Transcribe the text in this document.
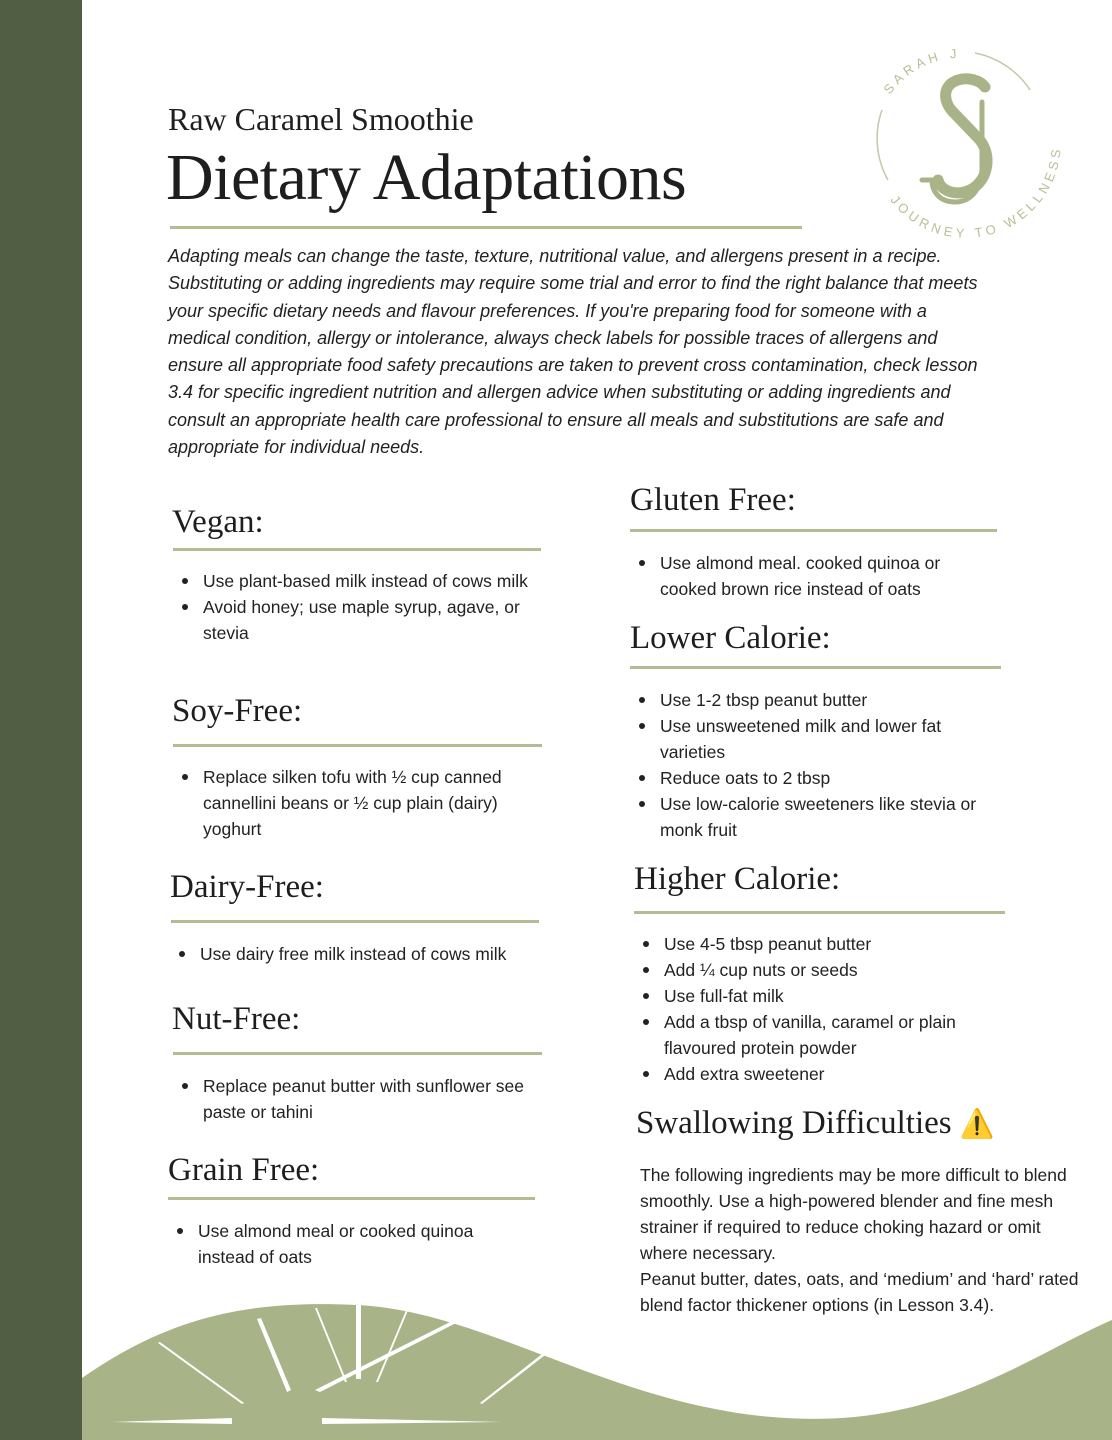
Raw Caramel Smoothie
Dietary Adaptations
SARAH J
JOURNEY TO WELLNESS
Adapting meals can change the taste, texture, nutritional value, and allergens present in a recipe. Substituting or adding ingredients may require some trial and error to find the right balance that meets your specific dietary needs and flavour preferences. If you're preparing food for someone with a medical condition, allergy or intolerance, always check labels for possible traces of allergens and ensure all appropriate food safety precautions are taken to prevent cross contamination, check lesson 3.4 for specific ingredient nutrition and allergen advice when substituting or adding ingredients and consult an appropriate health care professional to ensure all meals and substitutions are safe and appropriate for individual needs.
Vegan:
Use plant-based milk instead of cows milk
Avoid honey; use maple syrup, agave, or stevia
Soy-Free:
Replace silken tofu with ½ cup canned cannellini beans or ½ cup plain (dairy) yoghurt
Dairy-Free:
Use dairy free milk instead of cows milk
Nut-Free:
Replace peanut butter with sunflower see paste or tahini
Grain Free:
Use almond meal or cooked quinoa instead of oats
Gluten Free:
Use almond meal. cooked quinoa or cooked brown rice instead of oats
Lower Calorie:
Use 1-2 tbsp peanut butter
Use unsweetened milk and lower fat varieties
Reduce oats to 2 tbsp
Use low-calorie sweeteners like stevia or monk fruit
Higher Calorie:
Use 4-5 tbsp peanut butter
Add ¼ cup nuts or seeds
Use full-fat milk
Add a tbsp of vanilla, caramel or plain flavoured protein powder
Add extra sweetener
Swallowing Difficulties ⚠️
The following ingredients may be more difficult to blend smoothly. Use a high-powered blender and fine mesh strainer if required to reduce choking hazard or omit where necessary.
Peanut butter, dates, oats, and ‘medium’ and ‘hard’ rated blend factor thickener options (in Lesson 3.4).
